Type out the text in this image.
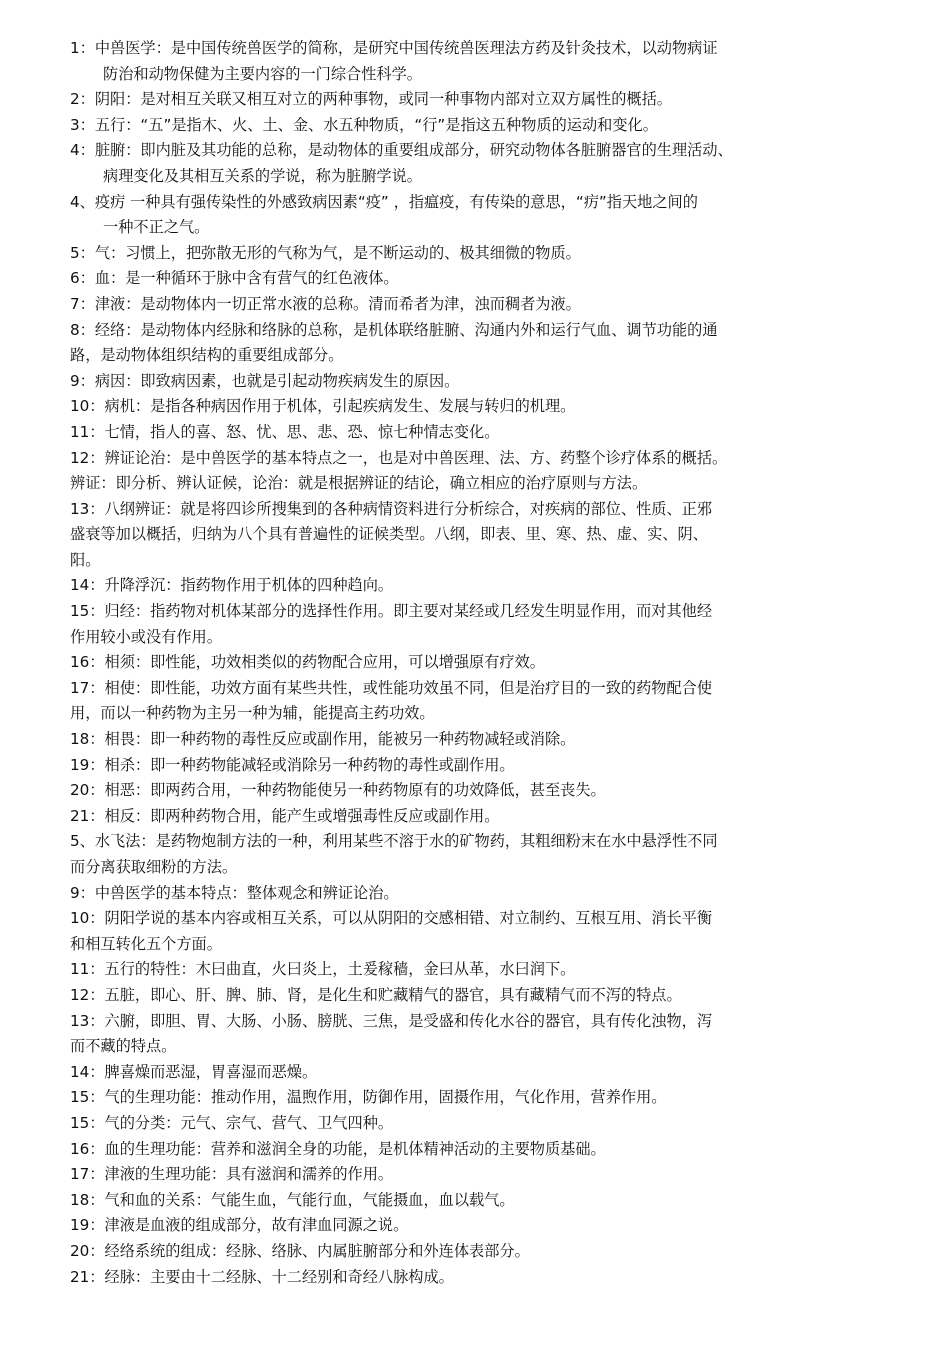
1：中兽医学：是中国传统兽医学的简称，是研究中国传统兽医理法方药及针灸技术，以动物病证
防治和动物保健为主要内容的一门综合性科学。

2：阴阳：是对相互关联又相互对立的两种事物，或同一种事物内部对立双方属性的概括。

3：五行：“五”是指木、火、土、金、水五种物质，“行”是指这五种物质的运动和变化。

4：脏腑：即内脏及其功能的总称，是动物体的重要组成部分，研究动物体各脏腑器官的生理活动、
病理变化及其相互关系的学说，称为脏腑学说。

4、疫疠 一种具有强传染性的外感致病因素“疫” ，指瘟疫，有传染的意思，“疠”指天地之间的
一种不正之气。

5：气：习惯上，把弥散无形的气称为气，是不断运动的、极其细微的物质。

6：血：是一种循环于脉中含有营气的红色液体。

7：津液：是动物体内一切正常水液的总称。清而希者为津，浊而稠者为液。

8：经络：是动物体内经脉和络脉的总称，是机体联络脏腑、沟通内外和运行气血、调节功能的通
路，是动物体组织结构的重要组成部分。

9：病因：即致病因素，也就是引起动物疾病发生的原因。

10：病机：是指各种病因作用于机体，引起疾病发生、发展与转归的机理。

11：七情，指人的喜、怒、忧、思、悲、恐、惊七种情志变化。

12：辨证论治：是中兽医学的基本特点之一，也是对中兽医理、法、方、药整个诊疗体系的概括。
辨证：即分析、辨认证候，论治：就是根据辨证的结论，确立相应的治疗原则与方法。

13：八纲辨证：就是将四诊所搜集到的各种病情资料进行分析综合，对疾病的部位、性质、正邪
盛衰等加以概括，归纳为八个具有普遍性的证候类型。八纲，即表、里、寒、热、虚、实、阴、
阳。

14：升降浮沉：指药物作用于机体的四种趋向。

15：归经：指药物对机体某部分的选择性作用。即主要对某经或几经发生明显作用，而对其他经
作用较小或没有作用。

16：相须：即性能，功效相类似的药物配合应用，可以增强原有疗效。

17：相使：即性能，功效方面有某些共性，或性能功效虽不同，但是治疗目的一致的药物配合使
用，而以一种药物为主另一种为辅，能提高主药功效。

18：相畏：即一种药物的毒性反应或副作用，能被另一种药物减轻或消除。

19：相杀：即一种药物能减轻或消除另一种药物的毒性或副作用。

20：相恶：即两药合用，一种药物能使另一种药物原有的功效降低，甚至丧失。

21：相反：即两种药物合用，能产生或增强毒性反应或副作用。

5、水飞法：是药物炮制方法的一种，利用某些不溶于水的矿物药，其粗细粉末在水中悬浮性不同
而分离获取细粉的方法。

9：中兽医学的基本特点：整体观念和辨证论治。

10：阴阳学说的基本内容或相互关系，可以从阴阳的交感相错、对立制约、互根互用、消长平衡
和相互转化五个方面。

11：五行的特性：木曰曲直，火曰炎上，土爰稼穑，金曰从革，水曰润下。

12：五脏，即心、肝、脾、肺、肾，是化生和贮藏精气的器官，具有藏精气而不泻的特点。

13：六腑，即胆、胃、大肠、小肠、膀胱、三焦，是受盛和传化水谷的器官，具有传化浊物，泻
而不藏的特点。

14：脾喜燥而恶湿，胃喜湿而恶燥。

15：气的生理功能：推动作用，温煦作用，防御作用，固摄作用，气化作用，营养作用。

15：气的分类：元气、宗气、营气、卫气四种。

16：血的生理功能：营养和滋润全身的功能，是机体精神活动的主要物质基础。

17：津液的生理功能：具有滋润和濡养的作用。

18：气和血的关系：气能生血，气能行血，气能摄血，血以载气。

19：津液是血液的组成部分，故有津血同源之说。

20：经络系统的组成：经脉、络脉、内属脏腑部分和外连体表部分。

21：经脉：主要由十二经脉、十二经别和奇经八脉构成。
